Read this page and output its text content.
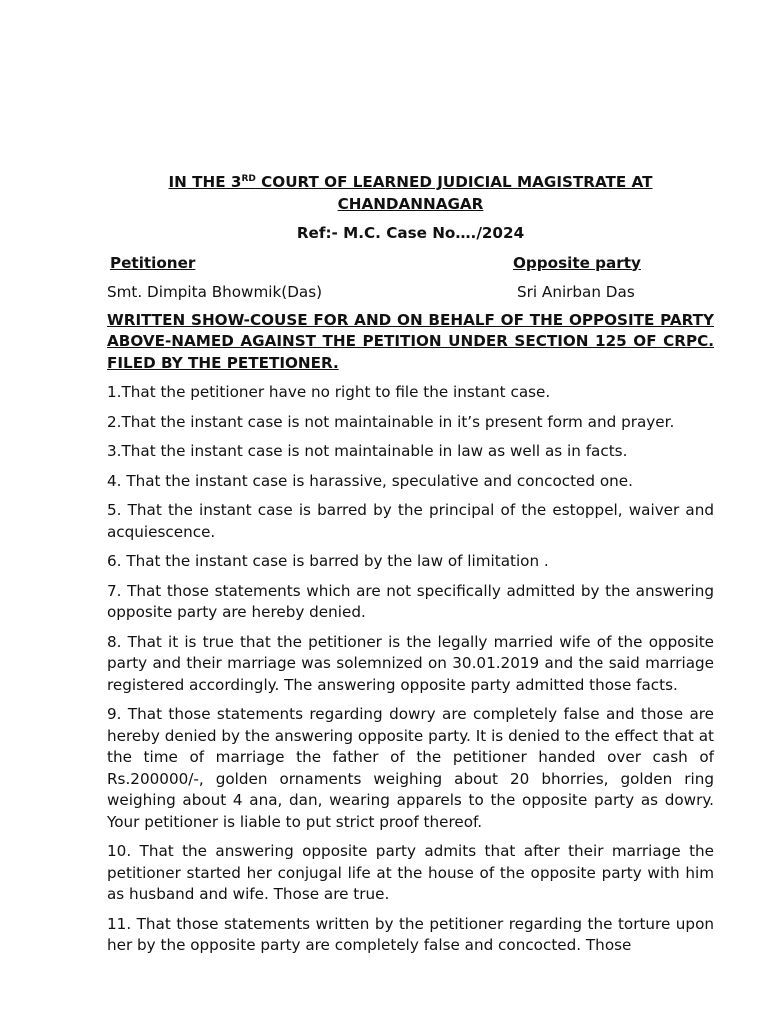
IN THE 3RD COURT OF LEARNED JUDICIAL MAGISTRATE AT
CHANDANNAGAR

Ref:- M.C. Case No…./2024

Petitioner	Opposite party
Smt. Dimpita Bhowmik(Das)	Sri Anirban Das

WRITTEN SHOW-COUSE FOR AND ON BEHALF OF THE OPPOSITE PARTY ABOVE-NAMED AGAINST THE PETITION UNDER SECTION 125 OF CRPC. FILED BY THE PETETIONER.

1.That the petitioner have no right to file the instant case.

2.That the instant case is not maintainable in it’s present form and prayer.

3.That the instant case is not maintainable in law as well as in facts.

4. That the instant case is harassive, speculative and concocted one.

5. That the instant case is barred by the principal of the estoppel, waiver and acquiescence.

6. That the instant case is barred by the law of limitation .

7. That those statements which are not specifically admitted by the answering opposite party are hereby denied.

8. That it is true that the petitioner is the legally married wife of the opposite party and their marriage was solemnized on 30.01.2019 and the said marriage registered accordingly. The answering opposite party admitted those facts.

9. That those statements regarding dowry are completely false and those are hereby denied by the answering opposite party. It is denied to the effect that at the time of marriage the father of the petitioner handed over cash of Rs.200000/-, golden ornaments weighing about 20 bhorries, golden ring weighing about 4 ana, dan, wearing apparels to the opposite party as dowry. Your petitioner is liable to put strict proof thereof.

10. That the answering opposite party admits that after their marriage the petitioner started her conjugal life at the house of the opposite party with him as husband and wife. Those are true.

11. That those statements written by the petitioner regarding the torture upon her by the opposite party are completely false and concocted. Those
